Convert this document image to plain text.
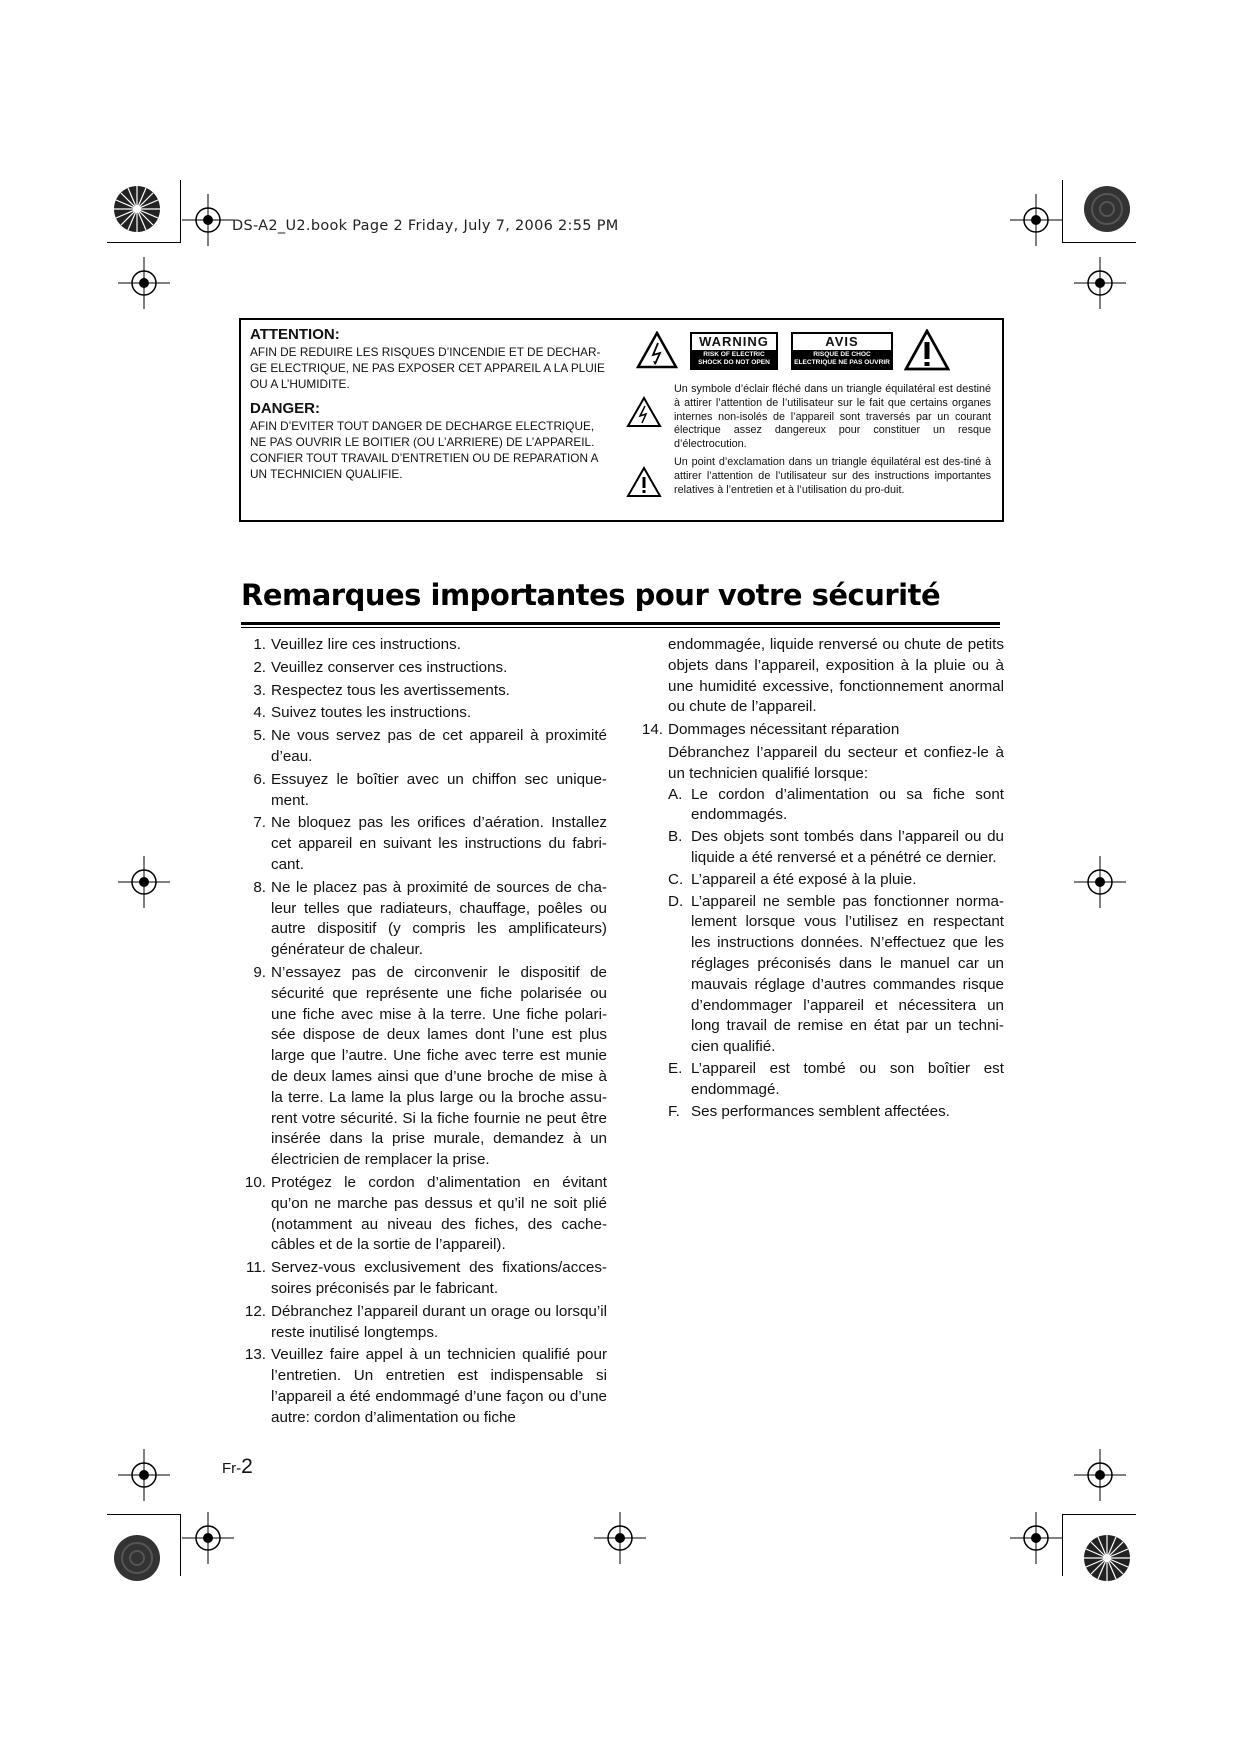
DS-A2_U2.book Page 2 Friday, July 7, 2006 2:55 PM
ATTENTION:

AFIN DE REDUIRE LES RISQUES D’INCENDIE ET DE DECHAR-GE ELECTRIQUE, NE PAS EXPOSER CET APPAREIL A LA PLUIE OU A L’HUMIDITE.

DANGER:

AFIN D’EVITER TOUT DANGER DE DECHARGE ELECTRIQUE, NE PAS OUVRIR LE BOITIER (OU L’ARRIERE) DE L’APPAREIL. CONFIER TOUT TRAVAIL D’ENTRETIEN OU DE REPARATION A UN TECHNICIEN QUALIFIE.

WARNING
RISK OF ELECTRIC SHOCK DO NOT OPEN
AVIS
RISQUE DE CHOC ELECTRIQUE NE PAS OUVRIR
Un symbole d’éclair fléché dans un triangle équilatéral est destiné à attirer l’attention de l’utilisateur sur le fait que certains organes internes non-isolés de l’appareil sont traversés par un courant électrique assez dangereux pour constituer un resque d’électrocution.
Un point d’exclamation dans un triangle équilatéral est des-tiné à attirer l’attention de l’utilisateur sur des instructions importantes relatives à l’entretien et à l’utilisation du pro-duit.
Remarques importantes pour votre sécurité
1. Veuillez lire ces instructions.
2. Veuillez conserver ces instructions.
3. Respectez tous les avertissements.
4. Suivez toutes les instructions.
5. Ne vous servez pas de cet appareil à proximité d’eau.
6. Essuyez le boîtier avec un chiffon sec unique-ment.
7. Ne bloquez pas les orifices d’aération. Installez cet appareil en suivant les instructions du fabri-cant.
8. Ne le placez pas à proximité de sources de cha-leur telles que radiateurs, chauffage, poêles ou autre dispositif (y compris les amplificateurs) générateur de chaleur.
9. N’essayez pas de circonvenir le dispositif de sécurité que représente une fiche polarisée ou une fiche avec mise à la terre. Une fiche polari-sée dispose de deux lames dont l’une est plus large que l’autre. Une fiche avec terre est munie de deux lames ainsi que d’une broche de mise à la terre. La lame la plus large ou la broche assu-rent votre sécurité. Si la fiche fournie ne peut être insérée dans la prise murale, demandez à un électricien de remplacer la prise.
10. Protégez le cordon d’alimentation en évitant qu’on ne marche pas dessus et qu’il ne soit plié (notamment au niveau des fiches, des cache-câbles et de la sortie de l’appareil).
11. Servez-vous exclusivement des fixations/acces-soires préconisés par le fabricant.
12. Débranchez l’appareil durant un orage ou lorsqu’il reste inutilisé longtemps.
13. Veuillez faire appel à un technicien qualifié pour l’entretien. Un entretien est indispensable si l’appareil a été endommagé d’une façon ou d’une autre: cordon d’alimentation ou fiche
endommagée, liquide renversé ou chute de petits objets dans l’appareil, exposition à la pluie ou à une humidité excessive, fonctionnement anormal ou chute de l’appareil.
14. Dommages nécessitant réparation
Débranchez l’appareil du secteur et confiez-le à un technicien qualifié lorsque:
A. Le cordon d’alimentation ou sa fiche sont endommagés.
B. Des objets sont tombés dans l’appareil ou du liquide a été renversé et a pénétré ce dernier.
C. L’appareil a été exposé à la pluie.
D. L’appareil ne semble pas fonctionner norma-lement lorsque vous l’utilisez en respectant les instructions données. N’effectuez que les réglages préconisés dans le manuel car un mauvais réglage d’autres commandes risque d’endommager l’appareil et nécessitera un long travail de remise en état par un techni-cien qualifié.
E. L’appareil est tombé ou son boîtier est endommagé.
F. Ses performances semblent affectées.
Fr-2
